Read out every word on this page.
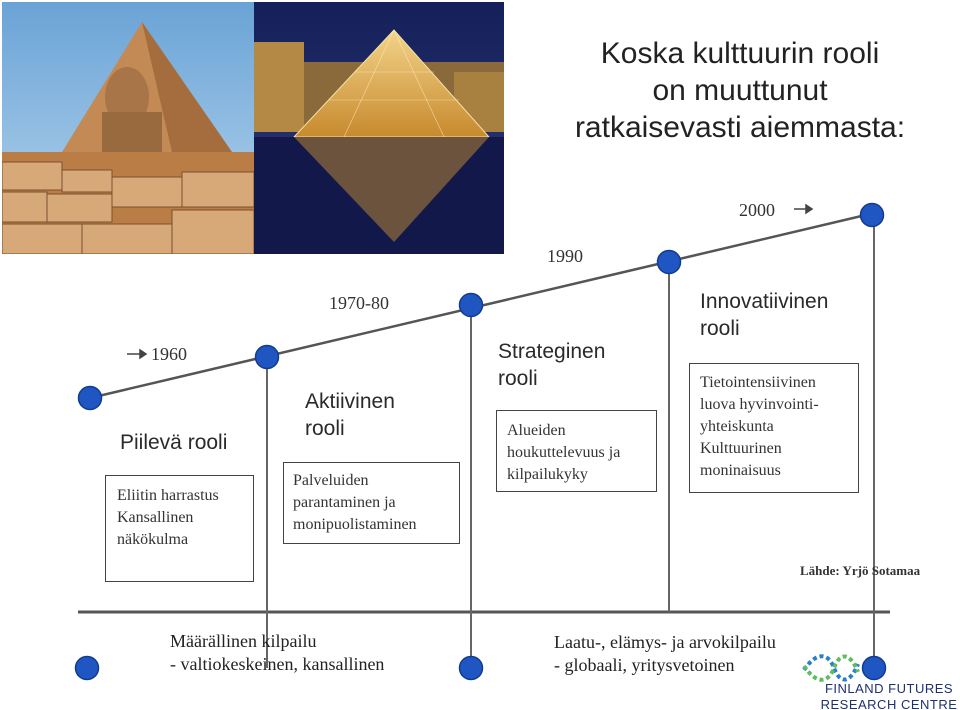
Koska kulttuurin rooli
on muuttunut
ratkaisevasti aiemmasta:
1960
1970-80
1990
2000
Piilevä rooli
Aktiivinen
rooli
Strateginen
rooli
Innovatiivinen
rooli
Eliitin harrastus
Kansallinen
näkökulma
Palveluiden
parantaminen ja
monipuolistaminen
Alueiden
houkuttelevuus ja
kilpailukyky
Tietointensiivinen
luova hyvinvointi-
yhteiskunta
Kulttuurinen
moninaisuus
Lähde: Yrjö Sotamaa
Määrällinen kilpailu
- valtiokeskeinen, kansallinen
Laatu-, elämys- ja arvokilpailu
- globaali, yritysvetoinen
FINLAND FUTURES
RESEARCH CENTRE
